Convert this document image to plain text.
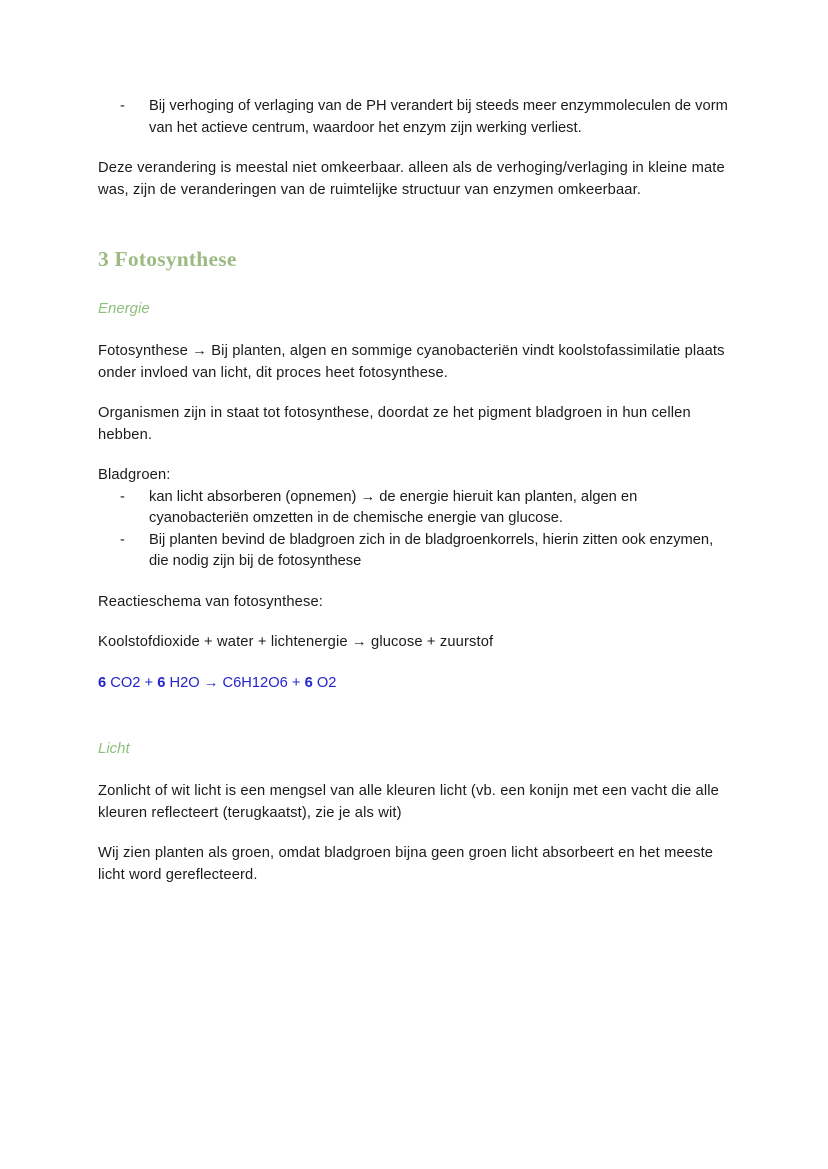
- Bij verhoging of verlaging van de PH verandert bij steeds meer enzymmoleculen de vorm van het actieve centrum, waardoor het enzym zijn werking verliest.

Deze verandering is meestal niet omkeerbaar. alleen als de verhoging/verlaging in kleine mate was, zijn de veranderingen van de ruimtelijke structuur van enzymen omkeerbaar.

3 Fotosynthese
Energie

Fotosynthese → Bij planten, algen en sommige cyanobacteriën vindt koolstofassimilatie plaats onder invloed van licht, dit proces heet fotosynthese.

Organismen zijn in staat tot fotosynthese, doordat ze het pigment bladgroen in hun cellen hebben.

Bladgroen:

- kan licht absorberen (opnemen) → de energie hieruit kan planten, algen en cyanobacteriën omzetten in de chemische energie van glucose.
- Bij planten bevind de bladgroen zich in de bladgroenkorrels, hierin zitten ook enzymen, die nodig zijn bij de fotosynthese

Reactieschema van fotosynthese:

Koolstofdioxide + water + lichtenergie → glucose + zuurstof

6 CO2 + 6 H2O → C6H12O6 + 6 O2

Licht

Zonlicht of wit licht is een mengsel van alle kleuren licht (vb. een konijn met een vacht die alle kleuren reflecteert (terugkaatst), zie je als wit)

Wij zien planten als groen, omdat bladgroen bijna geen groen licht absorbeert en het meeste licht word gereflecteerd.
